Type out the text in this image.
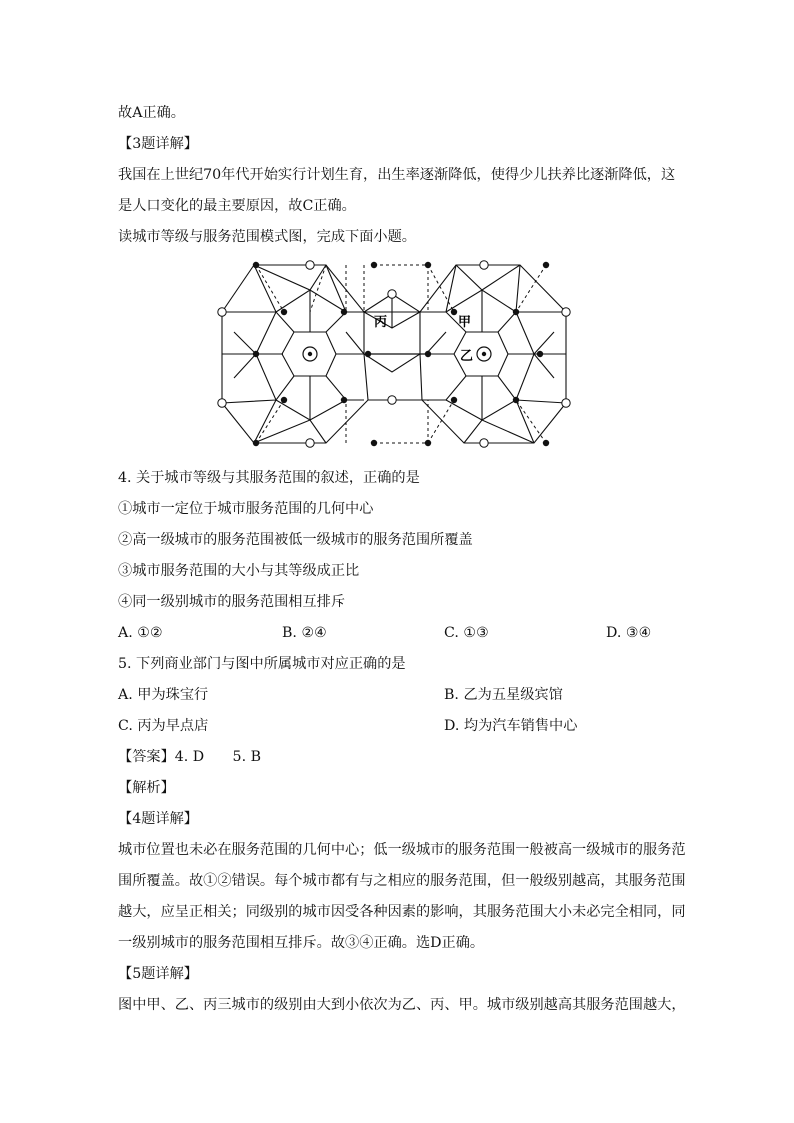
故A正确。
【3题详解】
我国在上世纪70年代开始实行计划生育，出生率逐渐降低，使得少儿扶养比逐渐降低，这
是人口变化的最主要原因，故C正确。
读城市等级与服务范围模式图，完成下面小题。
丙	甲
乙
4. 关于城市等级与其服务范围的叙述，正确的是
①城市一定位于城市服务范围的几何中心
②高一级城市的服务范围被低一级城市的服务范围所覆盖
③城市服务范围的大小与其等级成正比
④同一级别城市的服务范围相互排斥
A. ①②	B. ②④	C. ①③	D. ③④
5. 下列商业部门与图中所属城市对应正确的是
A. 甲为珠宝行	B. 乙为五星级宾馆
C. 丙为早点店	D. 均为汽车销售中心
【答案】4. D　　5. B
【解析】
【4题详解】
城市位置也未必在服务范围的几何中心；低一级城市的服务范围一般被高一级城市的服务范
围所覆盖。故①②错误。每个城市都有与之相应的服务范围，但一般级别越高，其服务范围
越大，应呈正相关；同级别的城市因受各种因素的影响，其服务范围大小未必完全相同，同
一级别城市的服务范围相互排斥。故③④正确。选D正确。
【5题详解】
图中甲、乙、丙三城市的级别由大到小依次为乙、丙、甲。城市级别越高其服务范围越大，
